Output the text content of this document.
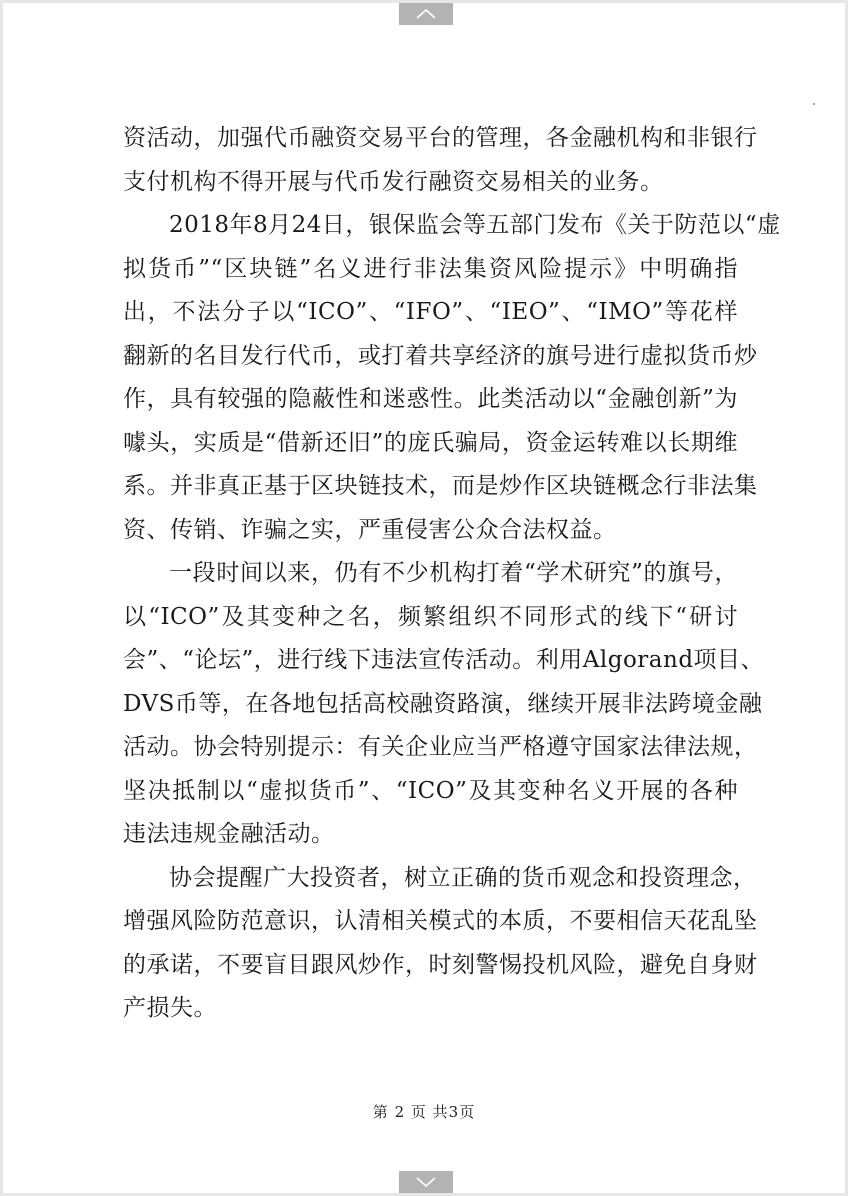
资活动，加强代币融资交易平台的管理，各金融机构和非银行
支付机构不得开展与代币发行融资交易相关的业务。
2018年8月24日，银保监会等五部门发布《关于防范以“虚
拟货币”“区块链”名义进行非法集资风险提示》中明确指
出，不法分子以“ICO”、“IFO”、“IEO”、“IMO”等花样
翻新的名目发行代币，或打着共享经济的旗号进行虚拟货币炒
作，具有较强的隐蔽性和迷惑性。此类活动以“金融创新”为
噱头，实质是“借新还旧”的庞氏骗局，资金运转难以长期维
系。并非真正基于区块链技术，而是炒作区块链概念行非法集
资、传销、诈骗之实，严重侵害公众合法权益。
一段时间以来，仍有不少机构打着“学术研究”的旗号，
以“ICO”及其变种之名，频繁组织不同形式的线下“研讨
会”、“论坛”，进行线下违法宣传活动。利用Algorand项目、
DVS币等，在各地包括高校融资路演，继续开展非法跨境金融
活动。协会特别提示：有关企业应当严格遵守国家法律法规，
坚决抵制以“虚拟货币”、“ICO”及其变种名义开展的各种
违法违规金融活动。
协会提醒广大投资者，树立正确的货币观念和投资理念，
增强风险防范意识，认清相关模式的本质，不要相信天花乱坠
的承诺，不要盲目跟风炒作，时刻警惕投机风险，避免自身财
产损失。
第 2 页 共3页
